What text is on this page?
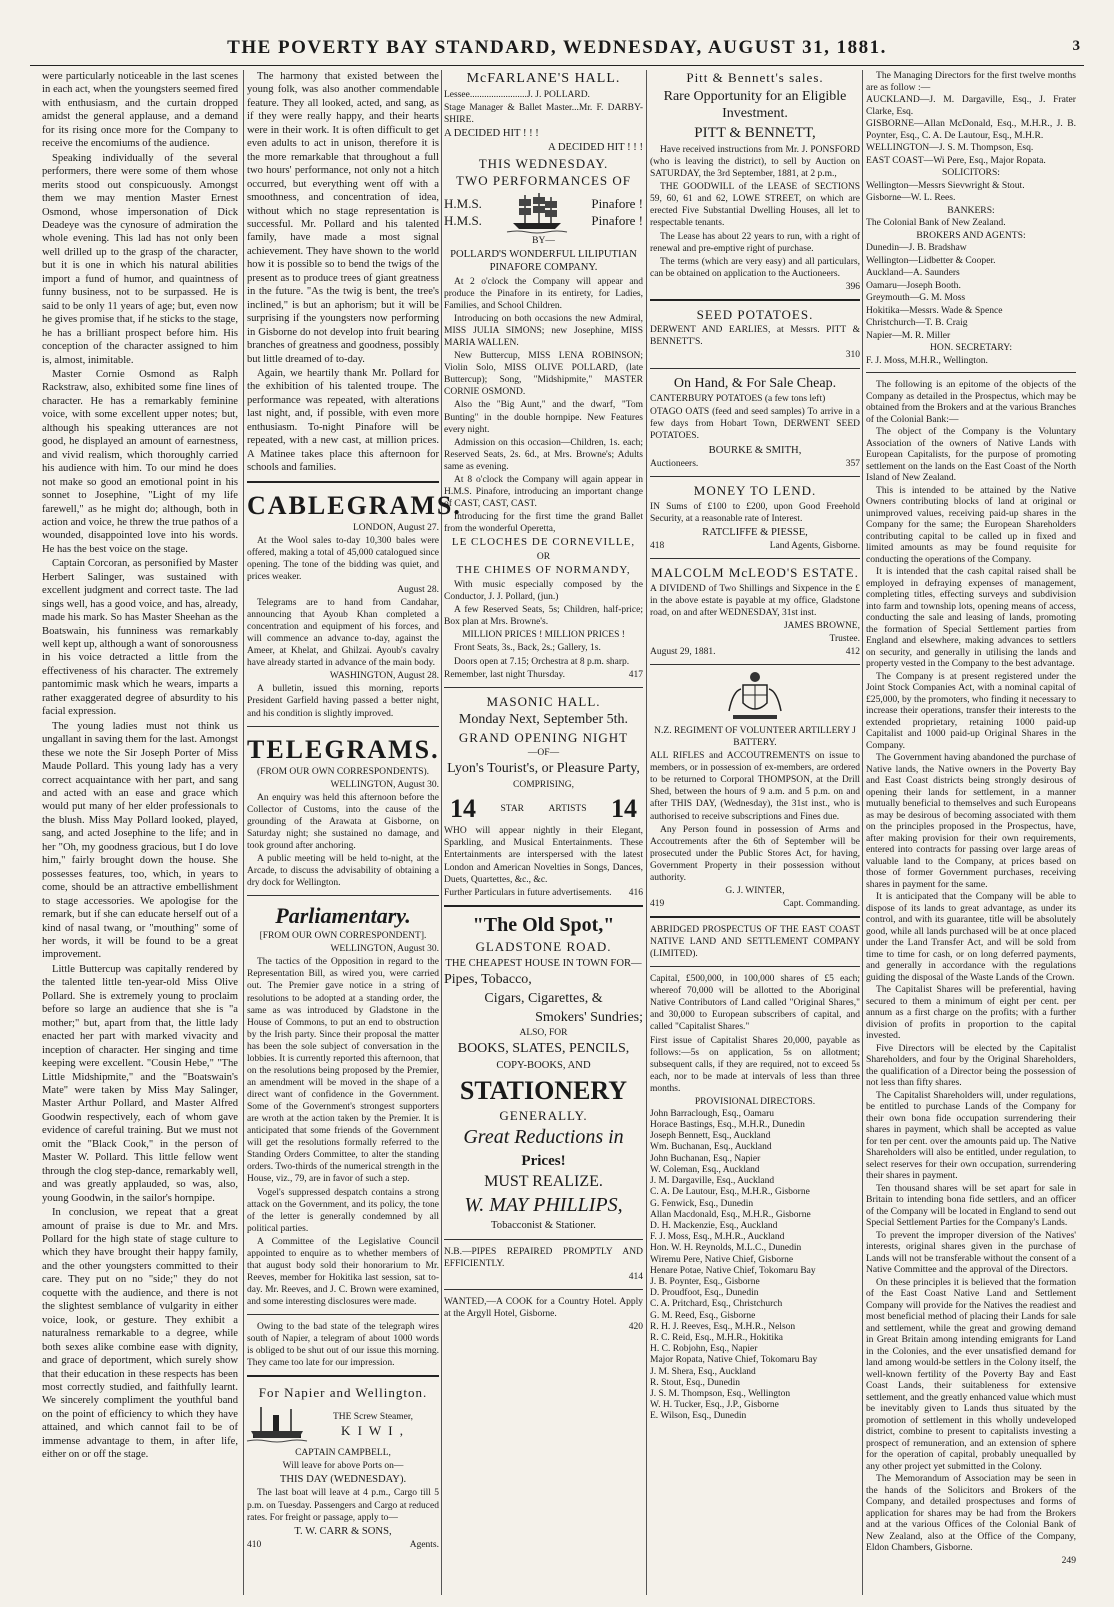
THE POVERTY BAY STANDARD, WEDNESDAY, AUGUST 31, 1881.	3

were particularly noticeable in the last scenes in each act, when the youngsters seemed fired with enthusiasm, and the curtain dropped amidst the general applause, and a demand for its rising once more for the Company to receive the encomiums of the audience.

Speaking individually of the several performers, there were some of them whose merits stood out conspicuously. Amongst them we may mention Master Ernest Osmond, whose impersonation of Dick Deadeye was the cynosure of admiration the whole evening. This lad has not only been well drilled up to the grasp of the character, but it is one in which his natural abilities import a fund of humor, and quaintness of funny business, not to be surpassed. He is said to be only 11 years of age; but, even now he gives promise that, if he sticks to the stage, he has a brilliant prospect before him. His conception of the character assigned to him is, almost, inimitable.

Master Cornie Osmond as Ralph Rackstraw, also, exhibited some fine lines of character. He has a remarkably feminine voice, with some excellent upper notes; but, although his speaking utterances are not good, he displayed an amount of earnestness, and vivid realism, which thoroughly carried his audience with him. To our mind he does not make so good an emotional point in his sonnet to Josephine, "Light of my life farewell," as he might do; although, both in action and voice, he threw the true pathos of a wounded, disappointed love into his words. He has the best voice on the stage.

Captain Corcoran, as personified by Master Herbert Salinger, was sustained with excellent judgment and correct taste. The lad sings well, has a good voice, and has, already, made his mark. So has Master Sheehan as the Boatswain, his funniness was remarkably well kept up, although a want of sonorousness in his voice detracted a little from the effectiveness of his character. The extremely pantomimic mask which he wears, imparts a rather exaggerated degree of absurdity to his facial expression.

The young ladies must not think us ungallant in saving them for the last. Amongst these we note the Sir Joseph Porter of Miss Maude Pollard. This young lady has a very correct acquaintance with her part, and sang and acted with an ease and grace which would put many of her elder professionals to the blush. Miss May Pollard looked, played, sang, and acted Josephine to the life; and in her "Oh, my goodness gracious, but I do love him," fairly brought down the house. She possesses features, too, which, in years to come, should be an attractive embellishment to stage accessories. We apologise for the remark, but if she can educate herself out of a kind of nasal twang, or "mouthing" some of her words, it will be found to be a great improvement.

Little Buttercup was capitally rendered by the talented little ten-year-old Miss Olive Pollard. She is extremely young to proclaim before so large an audience that she is "a mother;" but, apart from that, the little lady enacted her part with marked vivacity and inception of character. Her singing and time keeping were excellent. "Cousin Hebe," "The Little Midshipmite," and the "Boatswain's Mate" were taken by Miss May Salinger, Master Arthur Pollard, and Master Alfred Goodwin respectively, each of whom gave evidence of careful training. But we must not omit the "Black Cook," in the person of Master W. Pollard. This little fellow went through the clog step-dance, remarkably well, and was greatly applauded, so was, also, young Goodwin, in the sailor's hornpipe.

In conclusion, we repeat that a great amount of praise is due to Mr. and Mrs. Pollard for the high state of stage culture to which they have brought their happy family, and the other youngsters committed to their care. They put on no "side;" they do not coquette with the audience, and there is not the slightest semblance of vulgarity in either voice, look, or gesture. They exhibit a naturalness remarkable to a degree, while both sexes alike combine ease with dignity, and grace of deportment, which surely show that their education in these respects has been most correctly studied, and faithfully learnt. We sincerely compliment the youthful band on the point of efficiency to which they have attained, and which cannot fail to be of immense advantage to them, in after life, either on or off the stage.

The harmony that existed between the young folk, was also another commendable feature. They all looked, acted, and sang, as if they were really happy, and their hearts were in their work. It is often difficult to get even adults to act in unison, therefore it is the more remarkable that throughout a full two hours' performance, not only not a hitch occurred, but everything went off with a smoothness, and concentration of idea, without which no stage representation is successful. Mr. Pollard and his talented family, have made a most signal achievement. They have shown to the world how it is possible so to bend the twigs of the present as to produce trees of giant greatness in the future. "As the twig is bent, the tree's inclined," is but an aphorism; but it will be surprising if the youngsters now performing in Gisborne do not develop into fruit bearing branches of greatness and goodness, possibly but little dreamed of to-day.

Again, we heartily thank Mr. Pollard for the exhibition of his talented troupe. The performance was repeated, with alterations last night, and, if possible, with even more enthusiasm. To-night Pinafore will be repeated, with a new cast, at million prices. A Matinee takes place this afternoon for schools and families.

CABLEGRAMS.

LONDON, August 27.

At the Wool sales to-day 10,300 bales were offered, making a total of 45,000 catalogued since opening. The tone of the bidding was quiet, and prices weaker.

August 28.

Telegrams are to hand from Candahar, announcing that Ayoub Khan completed a concentration and equipment of his forces, and will commence an advance to-day, against the Ameer, at Khelat, and Ghilzai. Ayoub's cavalry have already started in advance of the main body.

WASHINGTON, August 28.

A bulletin, issued this morning, reports President Garfield having passed a better night, and his condition is slightly improved.

TELEGRAMS.

(FROM OUR OWN CORRESPONDENTS).

WELLINGTON, August 30.

An enquiry was held this afternoon before the Collector of Customs, into the cause of the grounding of the Arawata at Gisborne, on Saturday night; she sustained no damage, and took ground after anchoring.

A public meeting will be held to-night, at the Arcade, to discuss the advisability of obtaining a dry dock for Wellington.

Parliamentary.

[FROM OUR OWN CORRESPONDENT].

WELLINGTON, August 30.

The tactics of the Opposition in regard to the Representation Bill, as wired you, were carried out. The Premier gave notice in a string of resolutions to be adopted at a standing order, the same as was introduced by Gladstone in the House of Commons, to put an end to obstruction by the Irish party. Since their proposal the matter has been the sole subject of conversation in the lobbies. It is currently reported this afternoon, that on the resolutions being proposed by the Premier, an amendment will be moved in the shape of a direct want of confidence in the Government. Some of the Government's strongest supporters are wroth at the action taken by the Premier. It is anticipated that some friends of the Government will get the resolutions formally referred to the Standing Orders Committee, to alter the standing orders. Two-thirds of the numerical strength in the House, viz., 79, are in favor of such a step.

Vogel's suppressed despatch contains a strong attack on the Government, and its policy, the tone of the letter is generally condemned by all political parties.

A Committee of the Legislative Council appointed to enquire as to whether members of that august body sold their honorarium to Mr. Reeves, member for Hokitika last session, sat to-day. Mr. Reeves, and J. C. Brown were examined, and some interesting disclosures were made.

Owing to the bad state of the telegraph wires south of Napier, a telegram of about 1000 words is obliged to be shut out of our issue this morning. They came too late for our impression.

For Napier and Wellington.

THE Screw Steamer,
K I W I ,

CAPTAIN CAMPBELL,

Will leave for above Ports on—

THIS DAY (WEDNESDAY).

The last boat will leave at 4 p.m., Cargo till 5 p.m. on Tuesday. Passengers and Cargo at reduced rates. For freight or passage, apply to—

T. W. CARR & SONS,

410	Agents.

McFARLANE'S HALL.

Lessee........................J. J. POLLARD.

Stage Manager & Ballet Master...Mr. F. DARBY-SHIRE.

A DECIDED HIT ! ! !

A DECIDED HIT ! ! !

THIS WEDNESDAY.

TWO PERFORMANCES OF

H.M.S.
H.M.S.
Pinafore !
Pinafore !

BY—

POLLARD'S WONDERFUL LILIPUTIAN PINAFORE COMPANY.

At 2 o'clock the Company will appear and produce the Pinafore in its entirety, for Ladies, Families, and School Children.

Introducing on both occasions the new Admiral, MISS JULIA SIMONS; new Josephine, MISS MARIA WALLEN.

New Buttercup, MISS LENA ROBINSON; Violin Solo, MISS OLIVE POLLARD, (late Buttercup); Song, "Midshipmite," MASTER CORNIE OSMOND.

Also the "Big Aunt," and the dwarf, "Tom Bunting" in the double hornpipe. New Features every night.

Admission on this occasion—Children, 1s. each; Reserved Seats, 2s. 6d., at Mrs. Browne's; Adults same as evening.

At 8 o'clock the Company will again appear in H.M.S. Pinafore, introducing an important change of CAST, CAST, CAST.

Introducing for the first time the grand Ballet from the wonderful Operetta,

LE CLOCHES DE CORNEVILLE,

OR

THE CHIMES OF NORMANDY,

With music especially composed by the Conductor, J. J. Pollard, (jun.)

A few Reserved Seats, 5s; Children, half-price; Box plan at Mrs. Browne's.

MILLION PRICES ! MILLION PRICES !

Front Seats, 3s., Back, 2s.; Gallery, 1s.

Doors open at 7.15; Orchestra at 8 p.m. sharp.

Remember, last night Thursday.	417

MASONIC HALL.

Monday Next, September 5th.

GRAND OPENING NIGHT

—OF—

Lyon's Tourist's, or Pleasure Party,

COMPRISING,

14	STAR	ARTISTS 14

WHO will appear nightly in their Elegant, Sparkling, and Musical Entertainments. These Entertainments are interspersed with the latest London and American Novelties in Songs, Dances, Duets, Quartettes, &c., &c.

Further Particulars in future advertisements. 416

"The Old Spot,"

GLADSTONE ROAD.

THE CHEAPEST HOUSE IN TOWN FOR—

Pipes, Tobacco,

Cigars, Cigarettes, &

Smokers' Sundries;

ALSO, FOR

BOOKS, SLATES, PENCILS,

COPY-BOOKS, AND

STATIONERY

GENERALLY.

Great Reductions in

Prices!

MUST REALIZE.

W. MAY PHILLIPS,

Tobacconist & Stationer.

N.B.—PIPES REPAIRED PROMPTLY AND EFFICIENTLY.

414

WANTED,—A COOK for a Country Hotel. Apply at the Argyll Hotel, Gisborne.

420

Pitt & Bennett's sales.

Rare Opportunity for an Eligible Investment.

PITT & BENNETT,

Have received instructions from Mr. J. PONSFORD (who is leaving the district), to sell by Auction on SATURDAY, the 3rd September, 1881, at 2 p.m.,

THE GOODWILL of the LEASE of SECTIONS 59, 60, 61 and 62, LOWE STREET, on which are erected Five Substantial Dwelling Houses, all let to respectable tenants.

The Lease has about 22 years to run, with a right of renewal and pre-emptive right of purchase.

The terms (which are very easy) and all particulars, can be obtained on application to the Auctioneers.

396

SEED POTATOES.

DERWENT AND EARLIES, at Messrs. PITT & BENNETT'S.

310

On Hand, & For Sale Cheap.

CANTERBURY POTATOES (a few tons left)

OTAGO OATS (feed and seed samples) To arrive in a few days from Hobart Town, DERWENT SEED POTATOES.

BOURKE & SMITH,

Auctioneers.	357

MONEY TO LEND.

IN Sums of £100 to £200, upon Good Freehold Security, at a reasonable rate of Interest.

RATCLIFFE & PIESSE,

418	Land Agents, Gisborne.

MALCOLM McLEOD'S ESTATE.

A DIVIDEND of Two Shillings and Sixpence in the £ in the above estate is payable at my office, Gladstone road, on and after WEDNESDAY, 31st inst.

JAMES BROWNE,

Trustee.

August 29, 1881.	412

N.Z. REGIMENT OF VOLUNTEER ARTILLERY J BATTERY.

ALL RIFLES and ACCOUTREMENTS on issue to members, or in possession of ex-members, are ordered to be returned to Corporal THOMPSON, at the Drill Shed, between the hours of 9 a.m. and 5 p.m. on and after THIS DAY, (Wednesday), the 31st inst., who is authorised to receive subscriptions and Fines due.

Any Person found in possession of Arms and Accoutrements after the 6th of September will be prosecuted under the Public Stores Act, for having, Government Property in their possession without authority.

G. J. WINTER,

419	Capt. Commanding.

ABRIDGED PROSPECTUS OF THE EAST COAST NATIVE LAND AND SETTLEMENT COMPANY (LIMITED).

Capital, £500,000, in 100,000 shares of £5 each; whereof 70,000 will be allotted to the Aboriginal Native Contributors of Land called "Original Shares," and 30,000 to European subscribers of capital, and called "Capitalist Shares."

First issue of Capitalist Shares 20,000, payable as follows:—5s on application, 5s on allotment; subsequent calls, if they are required, not to exceed 5s each, nor to be made at intervals of less than three months.

PROVISIONAL DIRECTORS.

John Barraclough, Esq., Oamaru
Horace Bastings, Esq., M.H.R., Dunedin
Joseph Bennett, Esq., Auckland
Wm. Buchanan, Esq., Auckland
John Buchanan, Esq., Napier
W. Coleman, Esq., Auckland
J. M. Dargaville, Esq., Auckland
C. A. De Lautour, Esq., M.H.R., Gisborne
G. Fenwick, Esq., Dunedin
Allan Macdonald, Esq., M.H.R., Gisborne
D. H. Mackenzie, Esq., Auckland
F. J. Moss, Esq., M.H.R., Auckland
Hon. W. H. Reynolds, M.L.C., Dunedin
Wiremu Pere, Native Chief, Gisborne
Henare Potae, Native Chief, Tokomaru Bay
J. B. Poynter, Esq., Gisborne
D. Proudfoot, Esq., Dunedin
C. A. Pritchard, Esq., Christchurch
G. M. Reed, Esq., Gisborne
R. H. J. Reeves, Esq., M.H.R., Nelson
R. C. Reid, Esq., M.H.R., Hokitika
H. C. Robjohn, Esq., Napier
Major Ropata, Native Chief, Tokomaru Bay
J. M. Shera, Esq., Auckland
R. Stout, Esq., Dunedin
J. S. M. Thompson, Esq., Wellington
W. H. Tucker, Esq., J.P., Gisborne
E. Wilson, Esq., Dunedin

The Managing Directors for the first twelve months are as follow :—

AUCKLAND—J. M. Dargaville, Esq., J. Frater Clarke, Esq.

GISBORNE—Allan McDonald, Esq., M.H.R., J. B. Poynter, Esq., C. A. De Lautour, Esq., M.H.R.

WELLINGTON—J. S. M. Thompson, Esq.

EAST COAST—Wi Pere, Esq., Major Ropata.

SOLICITORS:

Wellington—Messrs Sievwright & Stout.

Gisborne—W. L. Rees.

BANKERS:

The Colonial Bank of New Zealand.

BROKERS AND AGENTS:

Dunedin—J. B. Bradshaw

Wellington—Lidbetter & Cooper.

Auckland—A. Saunders

Oamaru—Joseph Booth.

Greymouth—G. M. Moss

Hokitika—Messrs. Wade & Spence

Christchurch—T. B. Craig

Napier—M. R. Miller

HON. SECRETARY:

F. J. Moss, M.H.R., Wellington.

The following is an epitome of the objects of the Company as detailed in the Prospectus, which may be obtained from the Brokers and at the various Branches of the Colonial Bank:—

The object of the Company is the Voluntary Association of the owners of Native Lands with European Capitalists, for the purpose of promoting settlement on the lands on the East Coast of the North Island of New Zealand.

This is intended to be attained by the Native Owners contributing blocks of land at original or unimproved values, receiving paid-up shares in the Company for the same; the European Shareholders contributing capital to be called up in fixed and limited amounts as may be found requisite for conducting the operations of the Company.

It is intended that the cash capital raised shall be employed in defraying expenses of management, completing titles, effecting surveys and subdivision into farm and township lots, opening means of access, conducting the sale and leasing of lands, promoting the formation of Special Settlement parties from England and elsewhere, making advances to settlers on security, and generally in utilising the lands and property vested in the Company to the best advantage.

The Company is at present registered under the Joint Stock Companies Act, with a nominal capital of £25,000, by the promoters, who finding it necessary to increase their operations, transfer their interests to the extended proprietary, retaining 1000 paid-up Capitalist and 1000 paid-up Original Shares in the Company.

The Government having abandoned the purchase of Native lands, the Native owners in the Poverty Bay and East Coast districts being strongly desirous of opening their lands for settlement, in a manner mutually beneficial to themselves and such Europeans as may be desirous of becoming associated with them on the principles proposed in the Prospectus, have, after making provision for their own requirements, entered into contracts for passing over large areas of valuable land to the Company, at prices based on those of former Government purchases, receiving shares in payment for the same.

It is anticipated that the Company will be able to dispose of its lands to great advantage, as under its control, and with its guarantee, title will be absolutely good, while all lands purchased will be at once placed under the Land Transfer Act, and will be sold from time to time for cash, or on long deferred payments, and generally in accordance with the regulations guiding the disposal of the Waste Lands of the Crown.

The Capitalist Shares will be preferential, having secured to them a minimum of eight per cent. per annum as a first charge on the profits; with a further division of profits in proportion to the capital invested.

Five Directors will be elected by the Capitalist Shareholders, and four by the Original Shareholders, the qualification of a Director being the possession of not less than fifty shares.

The Capitalist Shareholders will, under regulations, be entitled to purchase Lands of the Company for their own bona fide occupation surrendering their shares in payment, which shall be accepted as value for ten per cent. over the amounts paid up. The Native Shareholders will also be entitled, under regulation, to select reserves for their own occupation, surrendering their shares in payment.

Ten thousand shares will be set apart for sale in Britain to intending bona fide settlers, and an officer of the Company will be located in England to send out Special Settlement Parties for the Company's Lands.

To prevent the improper diversion of the Natives' interests, original shares given in the purchase of Lands will not be transferable without the consent of a Native Committee and the approval of the Directors.

On these principles it is believed that the formation of the East Coast Native Land and Settlement Company will provide for the Natives the readiest and most beneficial method of placing their Lands for sale and settlement, while the great and growing demand in Great Britain among intending emigrants for Land in the Colonies, and the ever unsatisfied demand for land among would-be settlers in the Colony itself, the well-known fertility of the Poverty Bay and East Coast Lands, their suitableness for extensive settlement, and the greatly enhanced value which must be inevitably given to Lands thus situated by the promotion of settlement in this wholly undeveloped district, combine to present to capitalists investing a prospect of remuneration, and an extension of sphere for the operation of capital, probably unequalled by any other project yet submitted in the Colony.

The Memorandum of Association may be seen in the hands of the Solicitors and Brokers of the Company, and detailed prospectuses and forms of application for shares may be had from the Brokers and at the various Offices of the Colonial Bank of New Zealand, also at the Office of the Company, Eldon Chambers, Gisborne.

249
